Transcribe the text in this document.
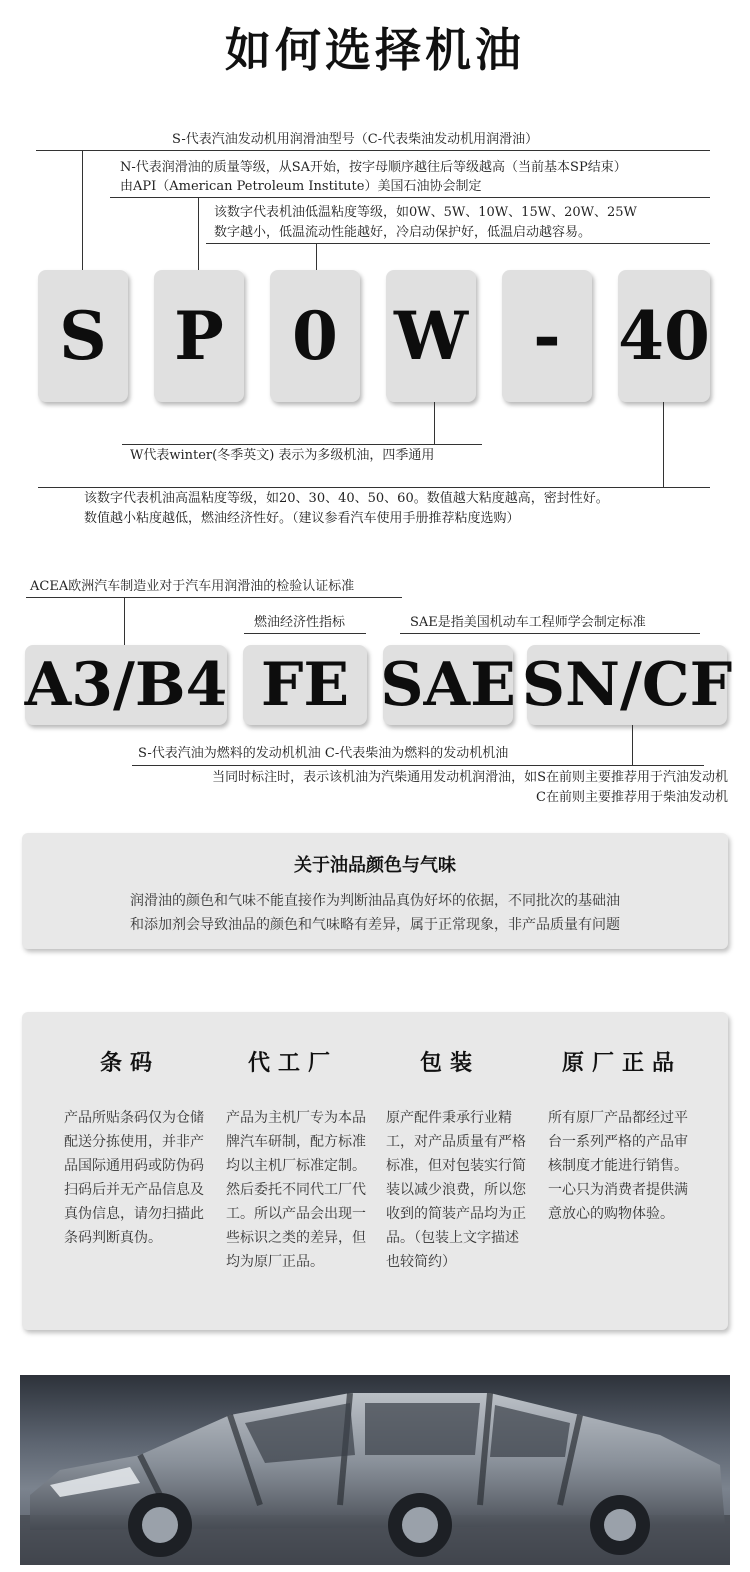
如何选择机油
S-代表汽油发动机用润滑油型号（C-代表柴油发动机用润滑油）
N-代表润滑油的质量等级，从SA开始，按字母顺序越往后等级越高（当前基本SP结束）
由API（American Petroleum Institute）美国石油协会制定
该数字代表机油低温粘度等级，如0W、5W、10W、15W、20W、25W
数字越小，低温流动性能越好，冷启动保护好，低温启动越容易。
S	P	0 W - 40
W代表winter(冬季英文) 表示为多级机油，四季通用
该数字代表机油高温粘度等级，如20、30、40、50、60。数值越大粘度越高，密封性好。
数值越小粘度越低，燃油经济性好。（建议参看汽车使用手册推荐粘度选购）
ACEA欧洲汽车制造业对于汽车用润滑油的检验认证标准
燃油经济性指标	SAE是指美国机动车工程师学会制定标准
A3/B4 FE SAE SN/CF
S-代表汽油为燃料的发动机机油 C-代表柴油为燃料的发动机机油
当同时标注时，表示该机油为汽柴通用发动机润滑油，如S在前则主要推荐用于汽油发动机
C在前则主要推荐用于柴油发动机
关于油品颜色与气味
润滑油的颜色和气味不能直接作为判断油品真伪好坏的依据，不同批次的基础油
和添加剂会导致油品的颜色和气味略有差异，属于正常现象，非产品质量有问题
条码	代工厂	包装	原厂正品
产品所贴条码仅为仓储配送分拣使用，并非产品国际通用码或防伪码扫码后并无产品信息及真伪信息，请勿扫描此条码判断真伪。
产品为主机厂专为本品牌汽车研制，配方标准均以主机厂标准定制。然后委托不同代工厂代工。所以产品会出现一些标识之类的差异，但均为原厂正品。
原产配件秉承行业精工，对产品质量有严格标准，但对包装实行简装以减少浪费，所以您收到的简装产品均为正品。（包装上文字描述也较简约）
所有原厂产品都经过平台一系列严格的产品审核制度才能进行销售。一心只为消费者提供满意放心的购物体验。
